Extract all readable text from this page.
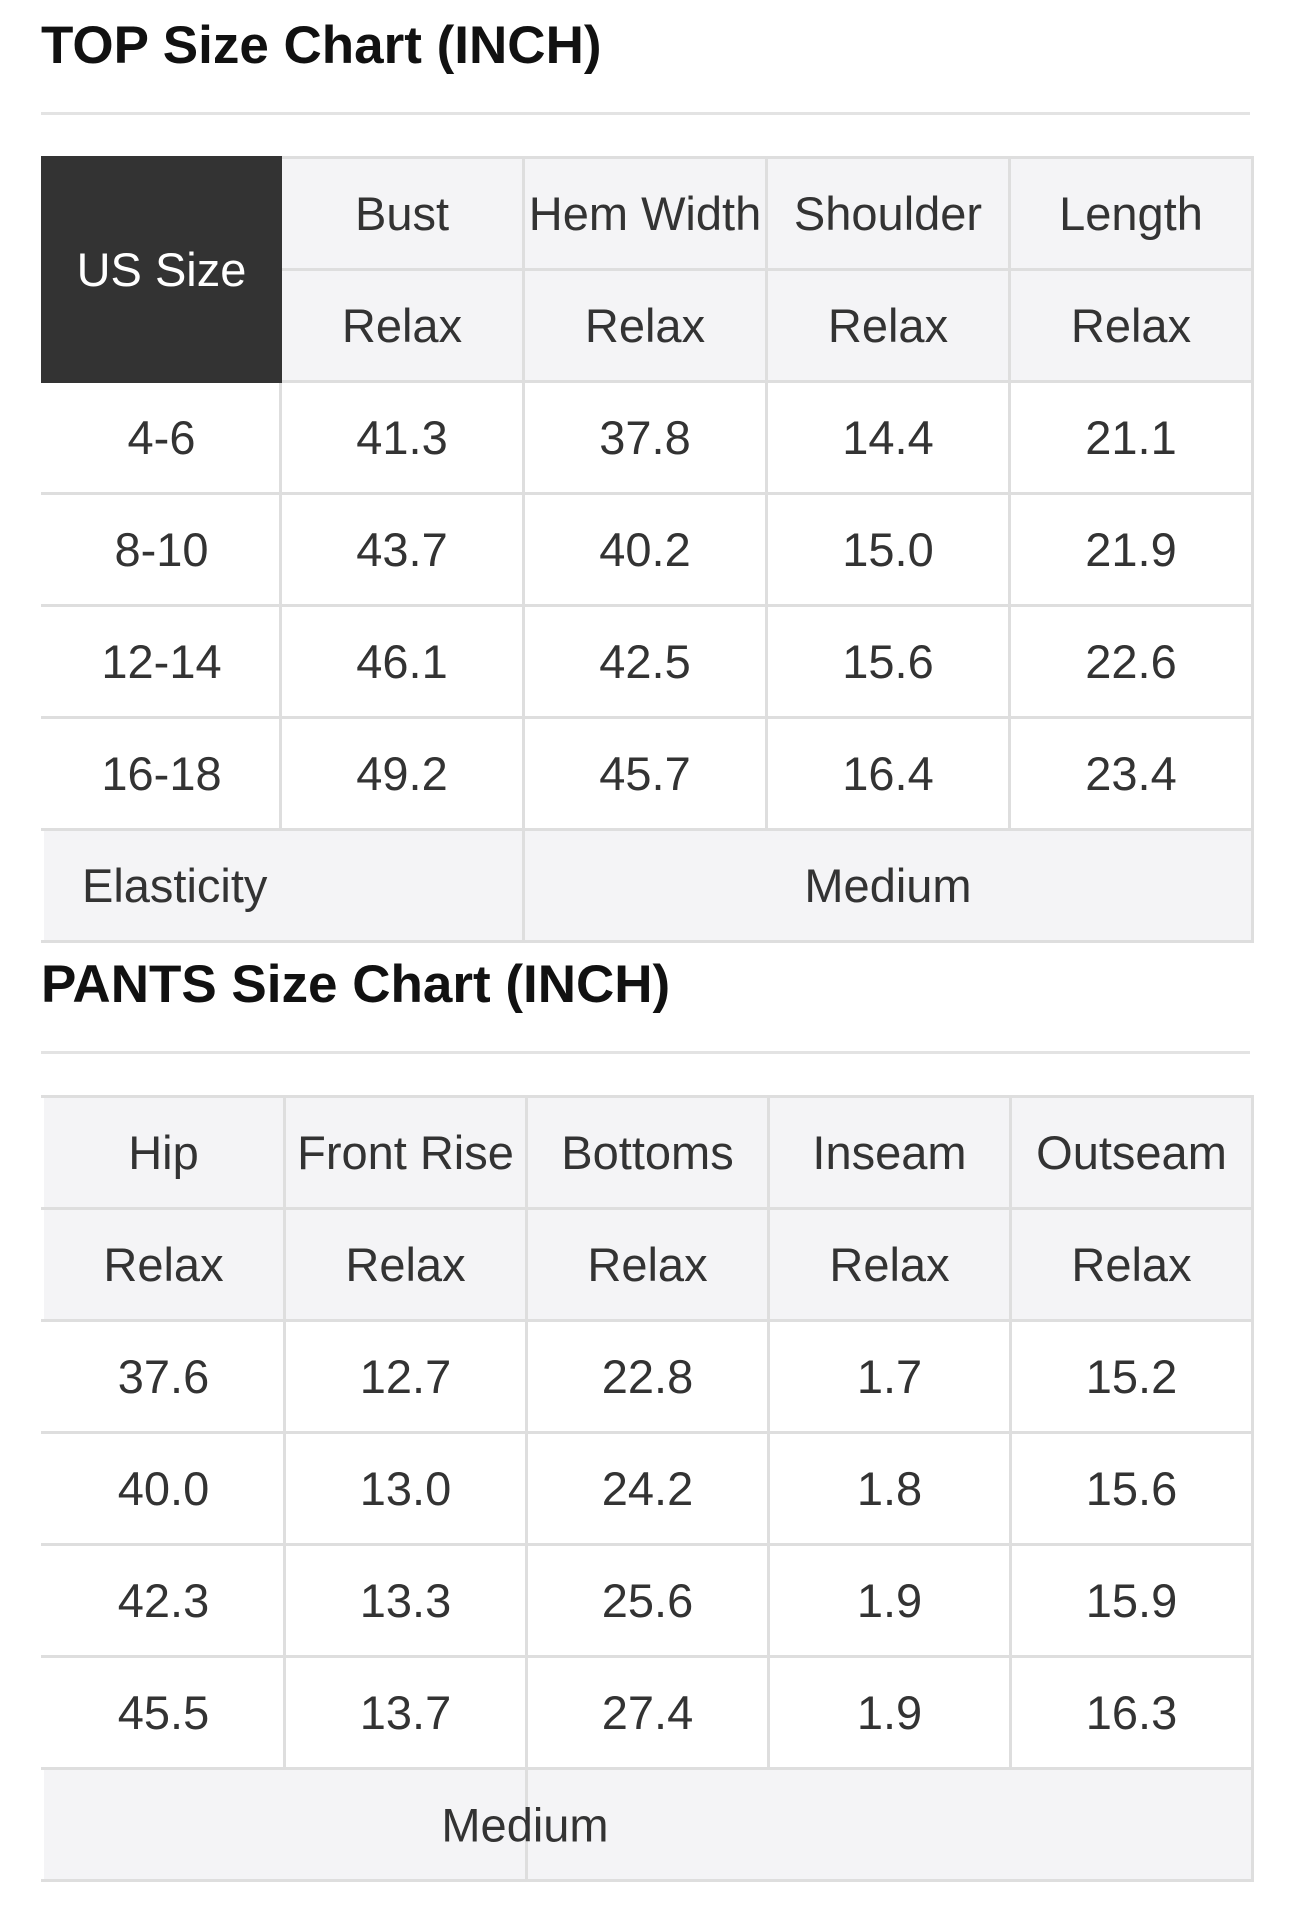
TOP Size Chart (INCH)
US Size	Bust	Hem Width	Shoulder	Length
	Relax	Relax	Relax	Relax
4-6	41.3	37.8	14.4	21.1
8-10	43.7	40.2	15.0	21.9
12-14	46.1	42.5	15.6	22.6
16-18	49.2	45.7	16.4	23.4
Elasticity		Medium		
PANTS Size Chart (INCH)
Hip	Front Rise	Bottoms	Inseam	Outseam
Relax	Relax	Relax	Relax	Relax
37.6	12.7	22.8	1.7	15.2
40.0	13.0	24.2	1.8	15.6
42.3	13.3	25.6	1.9	15.9
45.5	13.7	27.4	1.9	16.3

Medium				
